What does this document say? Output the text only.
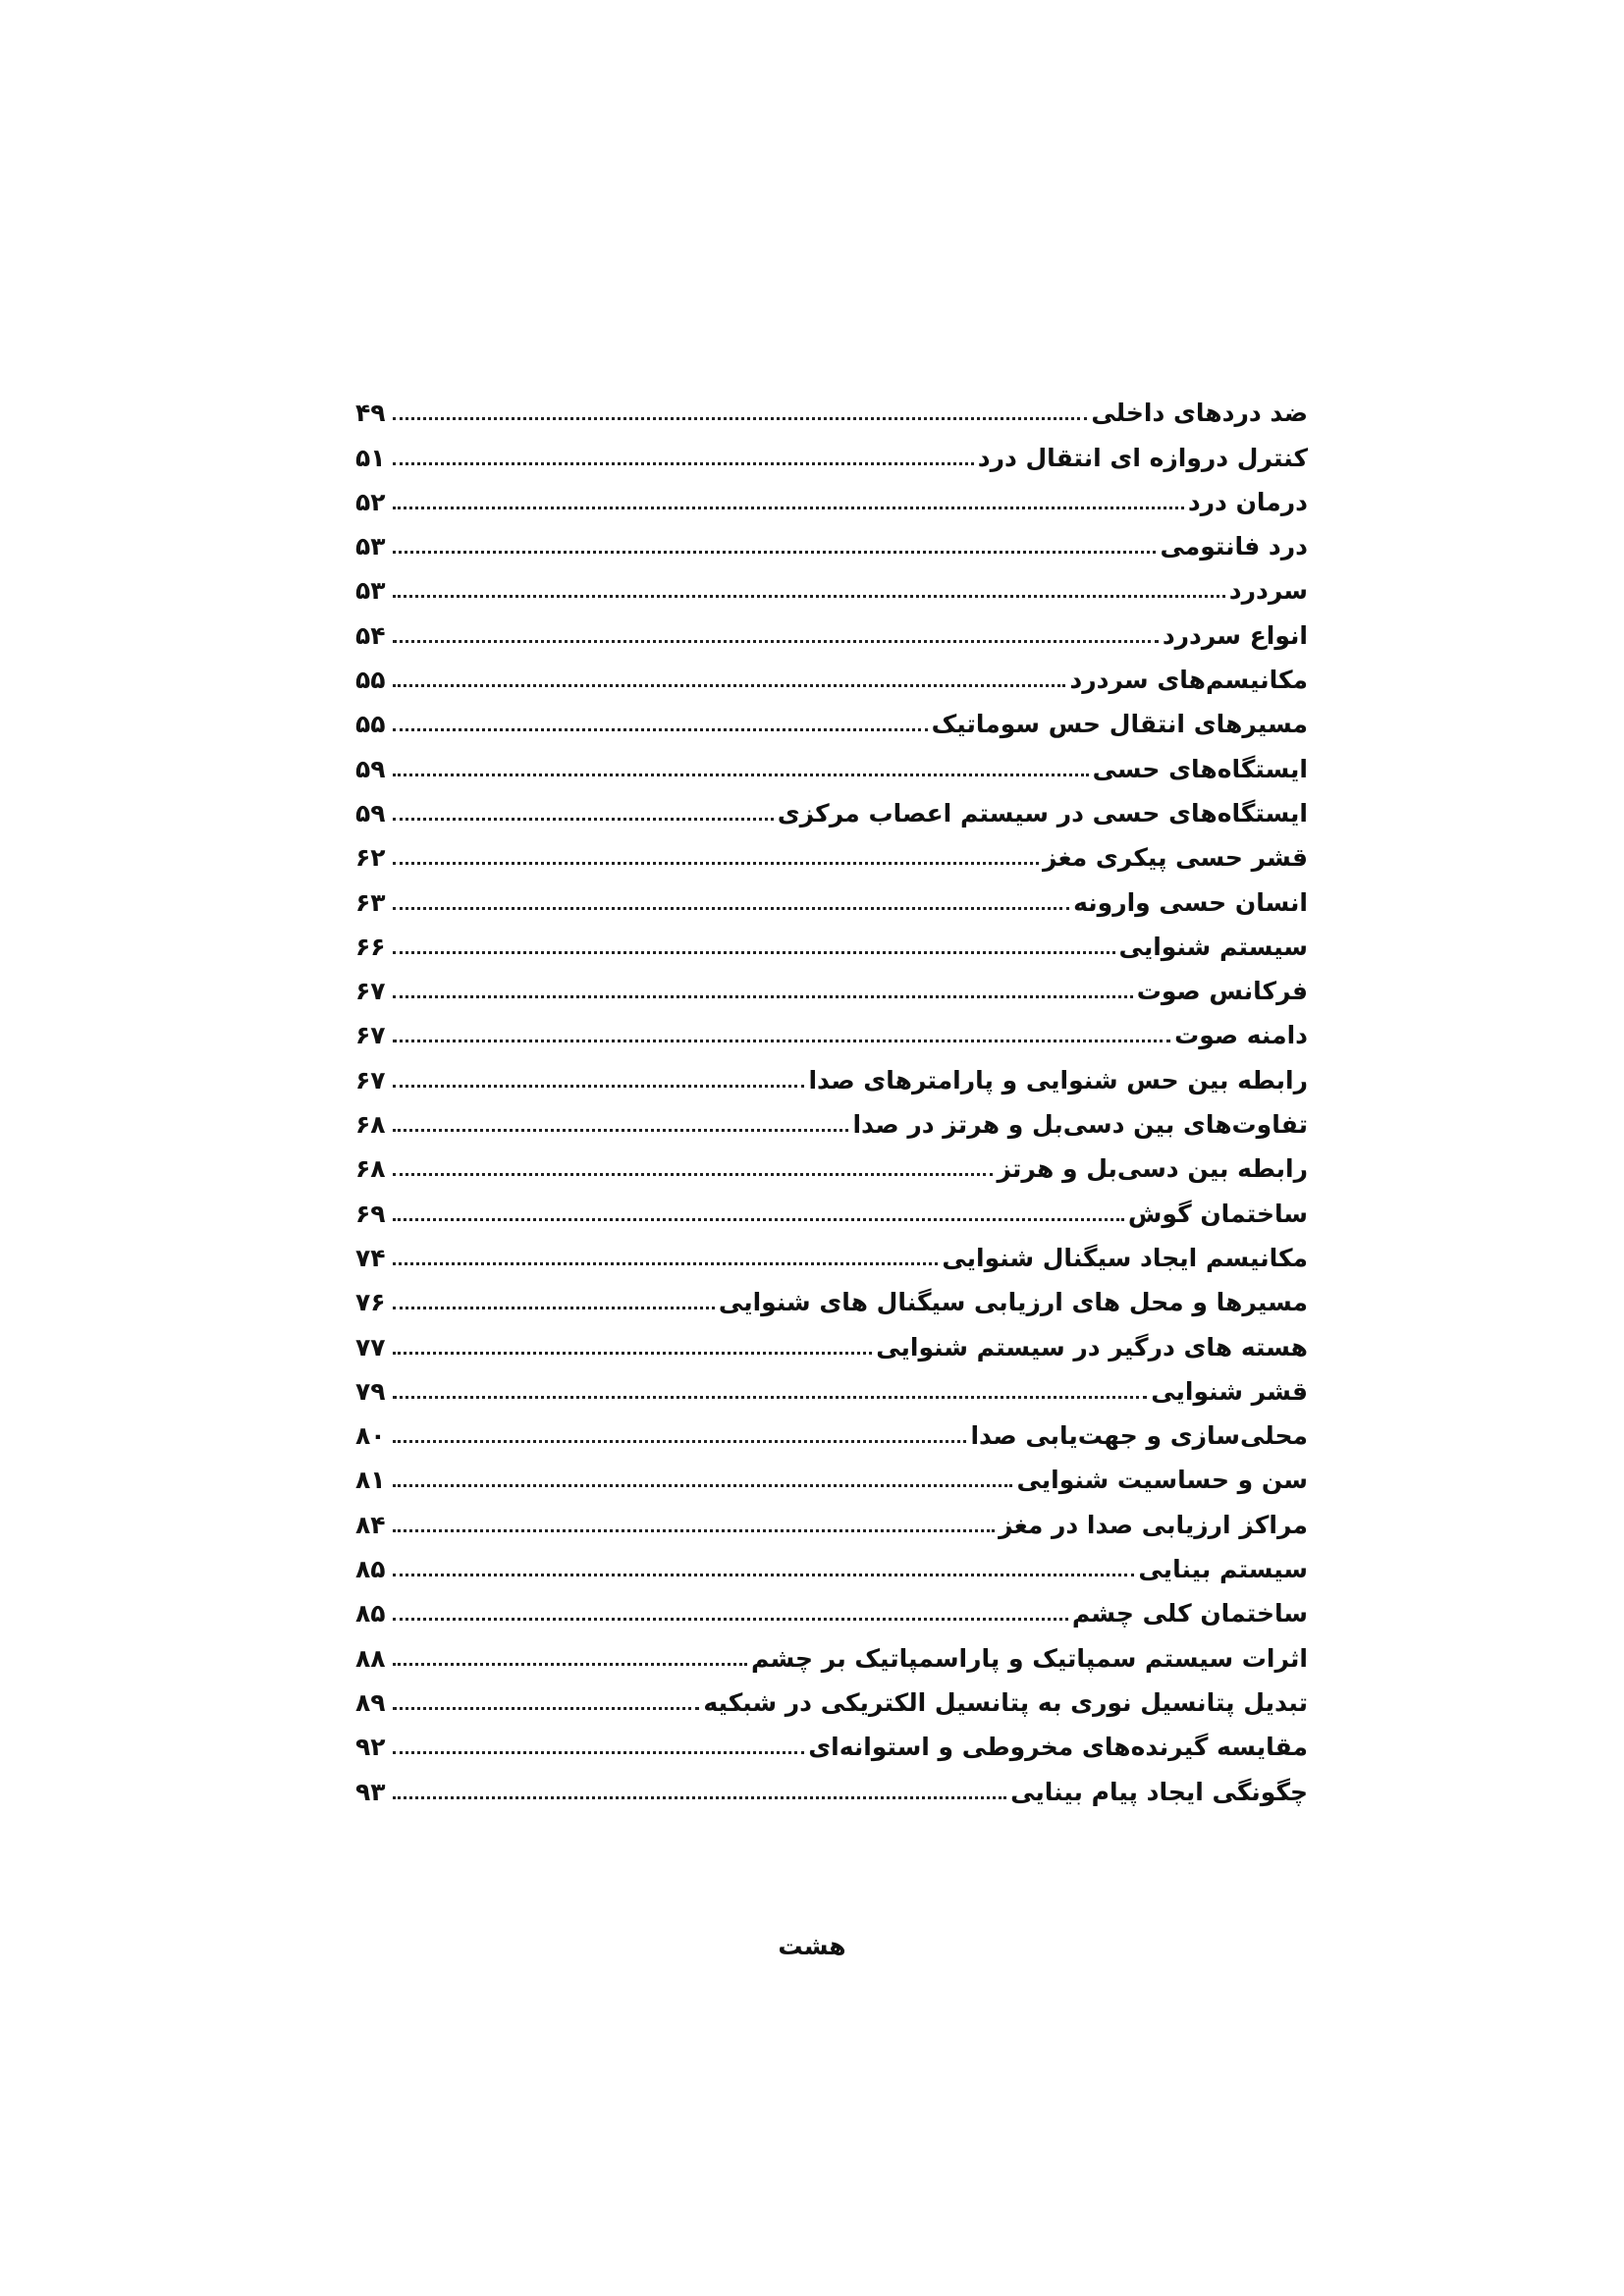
ضد دردهای داخلی
۴۹
کنترل دروازه ای انتقال درد
۵۱
درمان درد
۵۲
درد فانتومی
۵۳
سردرد
۵۳
انواع سردرد
۵۴
مکانیسم‌های سردرد
۵۵
مسیرهای انتقال حس سوماتیک
۵۵
ایستگاه‌های حسی
۵۹
ایستگاه‌های حسی در سیستم اعصاب مرکزی
۵۹
قشر حسی پیکری مغز
۶۲
انسان حسی وارونه
۶۳
سیستم شنوایی
۶۶
فرکانس صوت
۶۷
دامنه صوت
۶۷
رابطه بین حس شنوایی و پارامترهای صدا
۶۷
تفاوت‌های بین دسی‌بل و هرتز در صدا
۶۸
رابطه بین دسی‌بل و هرتز
۶۸
ساختمان گوش
۶۹
مکانیسم ایجاد سیگنال شنوایی
۷۴
مسیرها و محل های ارزیابی سیگنال های شنوایی
۷۶
هسته های درگیر در سیستم شنوایی
۷۷
قشر شنوایی
۷۹
محلی‌سازی و جهت‌یابی صدا
۸۰
سن و حساسیت شنوایی
۸۱
مراکز ارزیابی صدا در مغز
۸۴
سیستم بینایی
۸۵
ساختمان کلی چشم
۸۵
اثرات سیستم سمپاتیک و پاراسمپاتیک بر چشم
۸۸
تبدیل پتانسیل نوری به پتانسیل الکتریکی در شبکیه
۸۹
مقایسه گیرنده‌های مخروطی و استوانه‌ای
۹۲
چگونگی ایجاد پیام بینایی
۹۳
هشت
